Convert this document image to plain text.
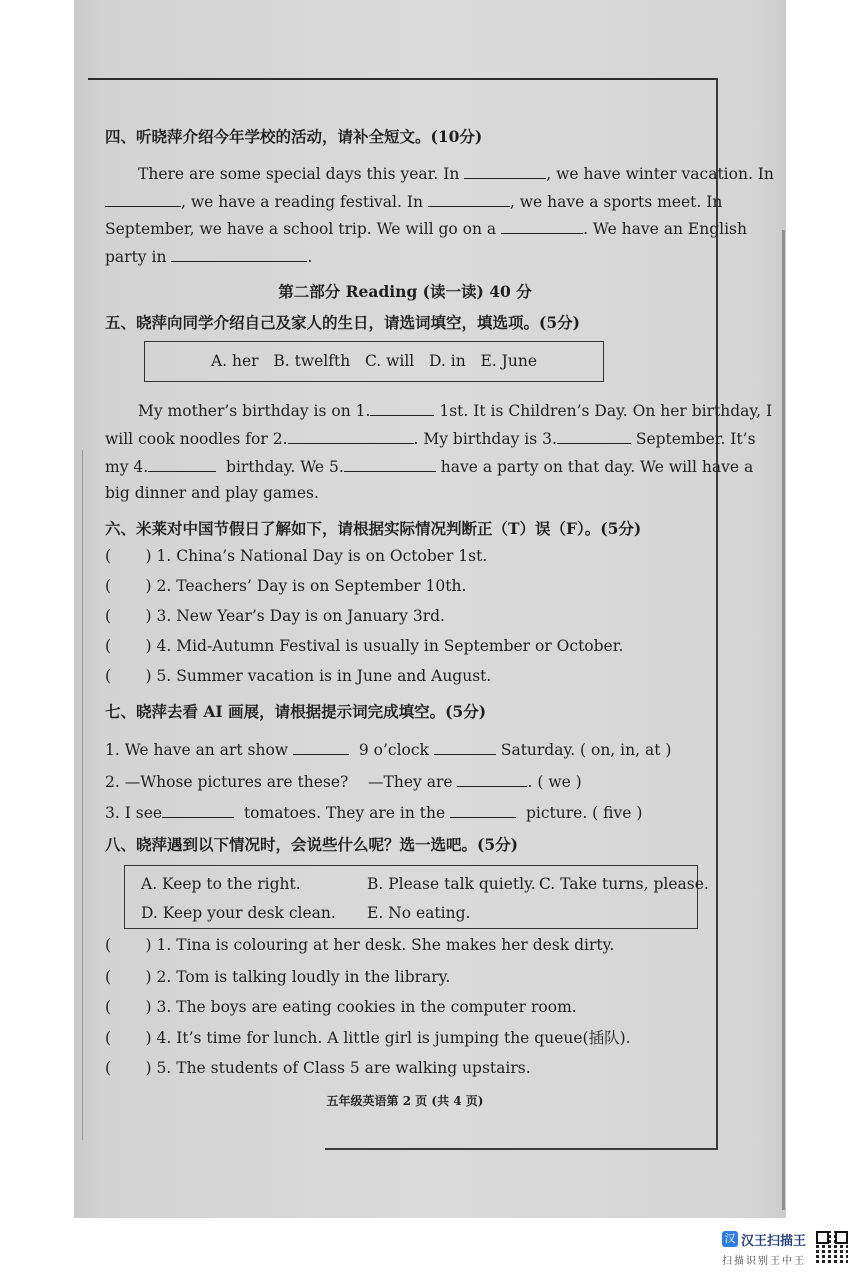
四、听晓萍介绍今年学校的活动，请补全短文。(10分)
There are some special days this year. In	, we have winter vacation. In
, we have a reading festival. In	, we have a sports meet. In
September, we have a school trip. We will go on a	. We have an English
party in	.
第二部分 Reading (读一读) 40 分
五、晓萍向同学介绍自己及家人的生日，请选词填空，填选项。(5分)
A. her   B. twelfth   C. will   D. in   E. June
My mother’s birthday is on 1.	1st. It is Children’s Day. On her birthday, I
will cook noodles for 2.	. My birthday is 3.	September. It’s
my 4.	birthday. We 5.	have a party on that day. We will have a
big dinner and play games.
六、米莱对中国节假日了解如下，请根据实际情况判断正（T）误（F）。(5分)
(       ) 1. China’s National Day is on October 1st.
(       ) 2. Teachers’ Day is on September 10th.
(       ) 3. New Year’s Day is on January 3rd.
(       ) 4. Mid-Autumn Festival is usually in September or October.
(       ) 5. Summer vacation is in June and August.
七、晓萍去看 AI 画展，请根据提示词完成填空。(5分)
1. We have an art show	9 o’clock	Saturday. ( on, in, at )
2. —Whose pictures are these?    —They are	. ( we )
3. I see	tomatoes. They are in the	picture. ( five )
八、晓萍遇到以下情况时，会说些什么呢？选一选吧。(5分)
A. Keep to the right.	B. Please talk quietly. C. Take turns, please.
D. Keep your desk clean. E. No eating.
(       ) 1. Tina is colouring at her desk. She makes her desk dirty.
(       ) 2. Tom is talking loudly in the library.
(       ) 3. The boys are eating cookies in the computer room.
(       ) 4. It’s time for lunch. A little girl is jumping the queue(插队).
(       ) 5. The students of Class 5 are walking upstairs.
五年级英语第 2 页 (共 4 页)
汉 汉王扫描王
扫描识别王中王
